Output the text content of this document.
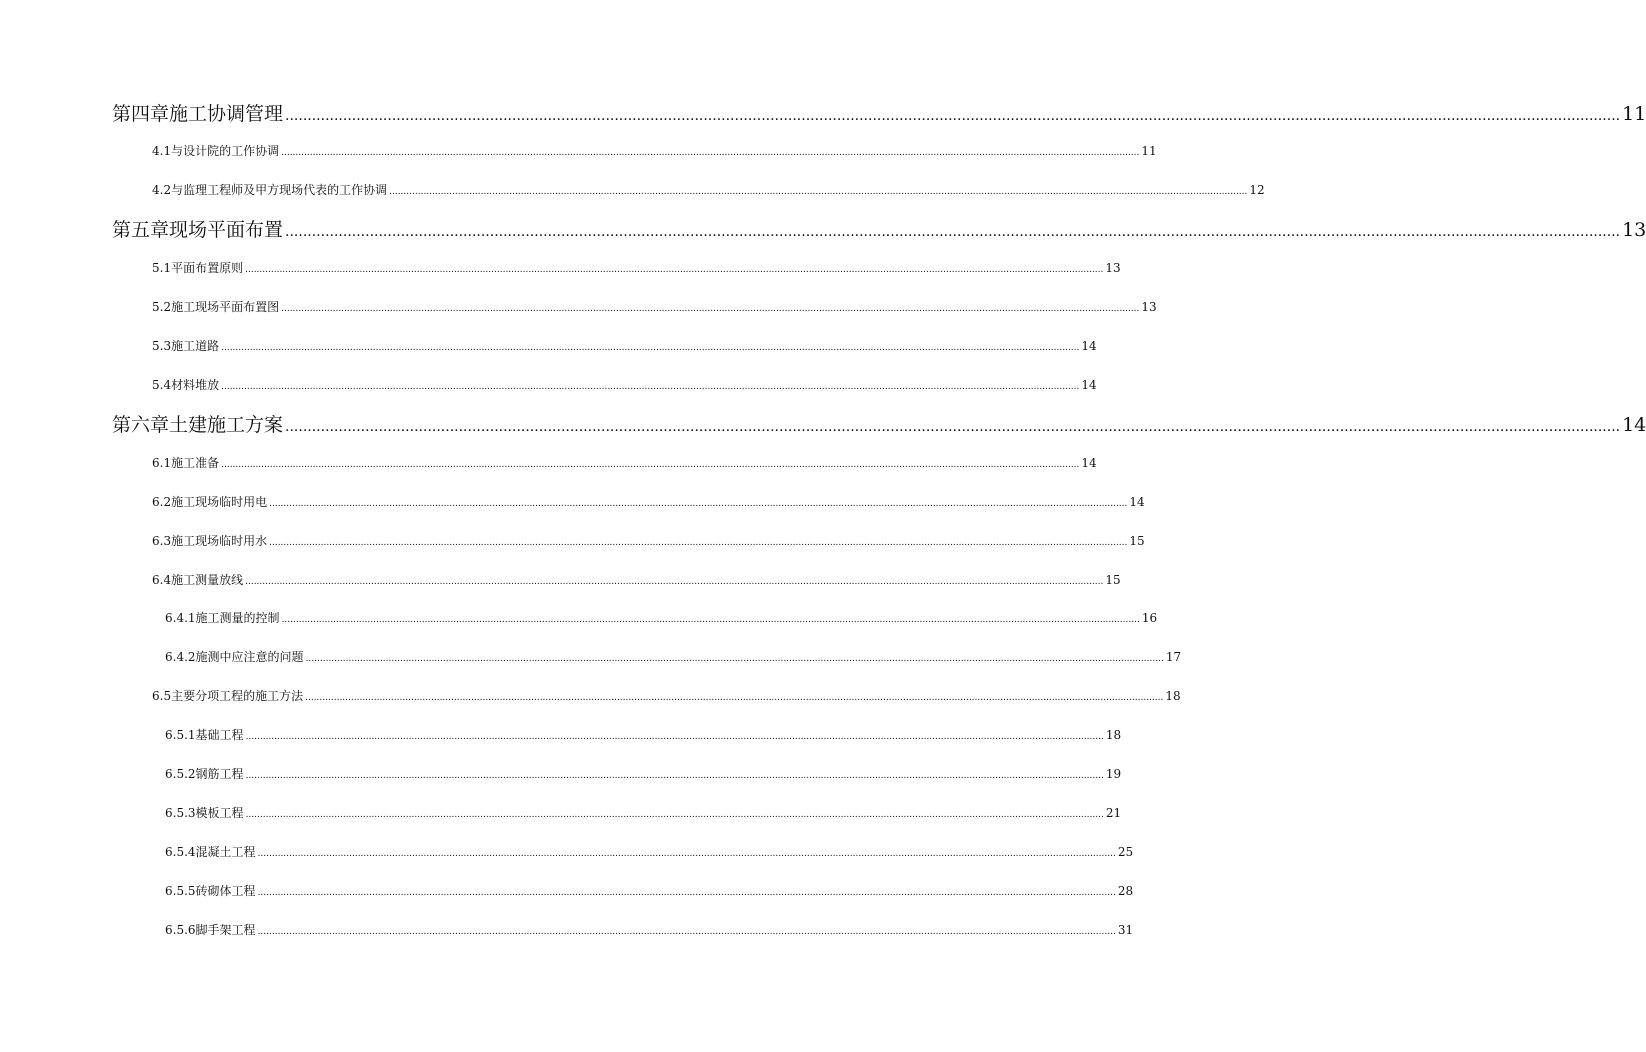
第四章 施工协调管理 ............................................................................................................................................................................................................................................................................................................ 11
4.1 与设计院的工作协调 ............................................................................................................................................................................................................................................................................................................ 11
4.2 与监理工程师及甲方现场代表的工作协调 ............................................................................................................................................................................................................................................................................................................ 12
第五章 现场平面布置 ............................................................................................................................................................................................................................................................................................................ 13
5.1 平面布置原则 ............................................................................................................................................................................................................................................................................................................ 13
5.2 施工现场平面布置图 ............................................................................................................................................................................................................................................................................................................ 13
5.3 施工道路 ............................................................................................................................................................................................................................................................................................................ 14
5.4 材料堆放 ............................................................................................................................................................................................................................................................................................................ 14
第六章 土建施工方案 ............................................................................................................................................................................................................................................................................................................ 14
6.1 施工准备 ............................................................................................................................................................................................................................................................................................................ 14
6.2 施工现场临时用电 ............................................................................................................................................................................................................................................................................................................ 14
6.3 施工现场临时用水 ............................................................................................................................................................................................................................................................................................................ 15
6.4 施工测量放线 ............................................................................................................................................................................................................................................................................................................ 15
6.4.1 施工测量的控制 ............................................................................................................................................................................................................................................................................................................ 16
6.4.2 施测中应注意的问题 ............................................................................................................................................................................................................................................................................................................ 17
6.5 主要分项工程的施工方法 ............................................................................................................................................................................................................................................................................................................ 18
6.5.1 基础工程 ............................................................................................................................................................................................................................................................................................................ 18
6.5.2 钢筋工程 ............................................................................................................................................................................................................................................................................................................ 19
6.5.3 模板工程 ............................................................................................................................................................................................................................................................................................................ 21
6.5.4 混凝土工程 ............................................................................................................................................................................................................................................................................................................ 25
6.5.5 砖砌体工程 ............................................................................................................................................................................................................................................................................................................ 28
6.5.6 脚手架工程 ............................................................................................................................................................................................................................................................................................................ 31
